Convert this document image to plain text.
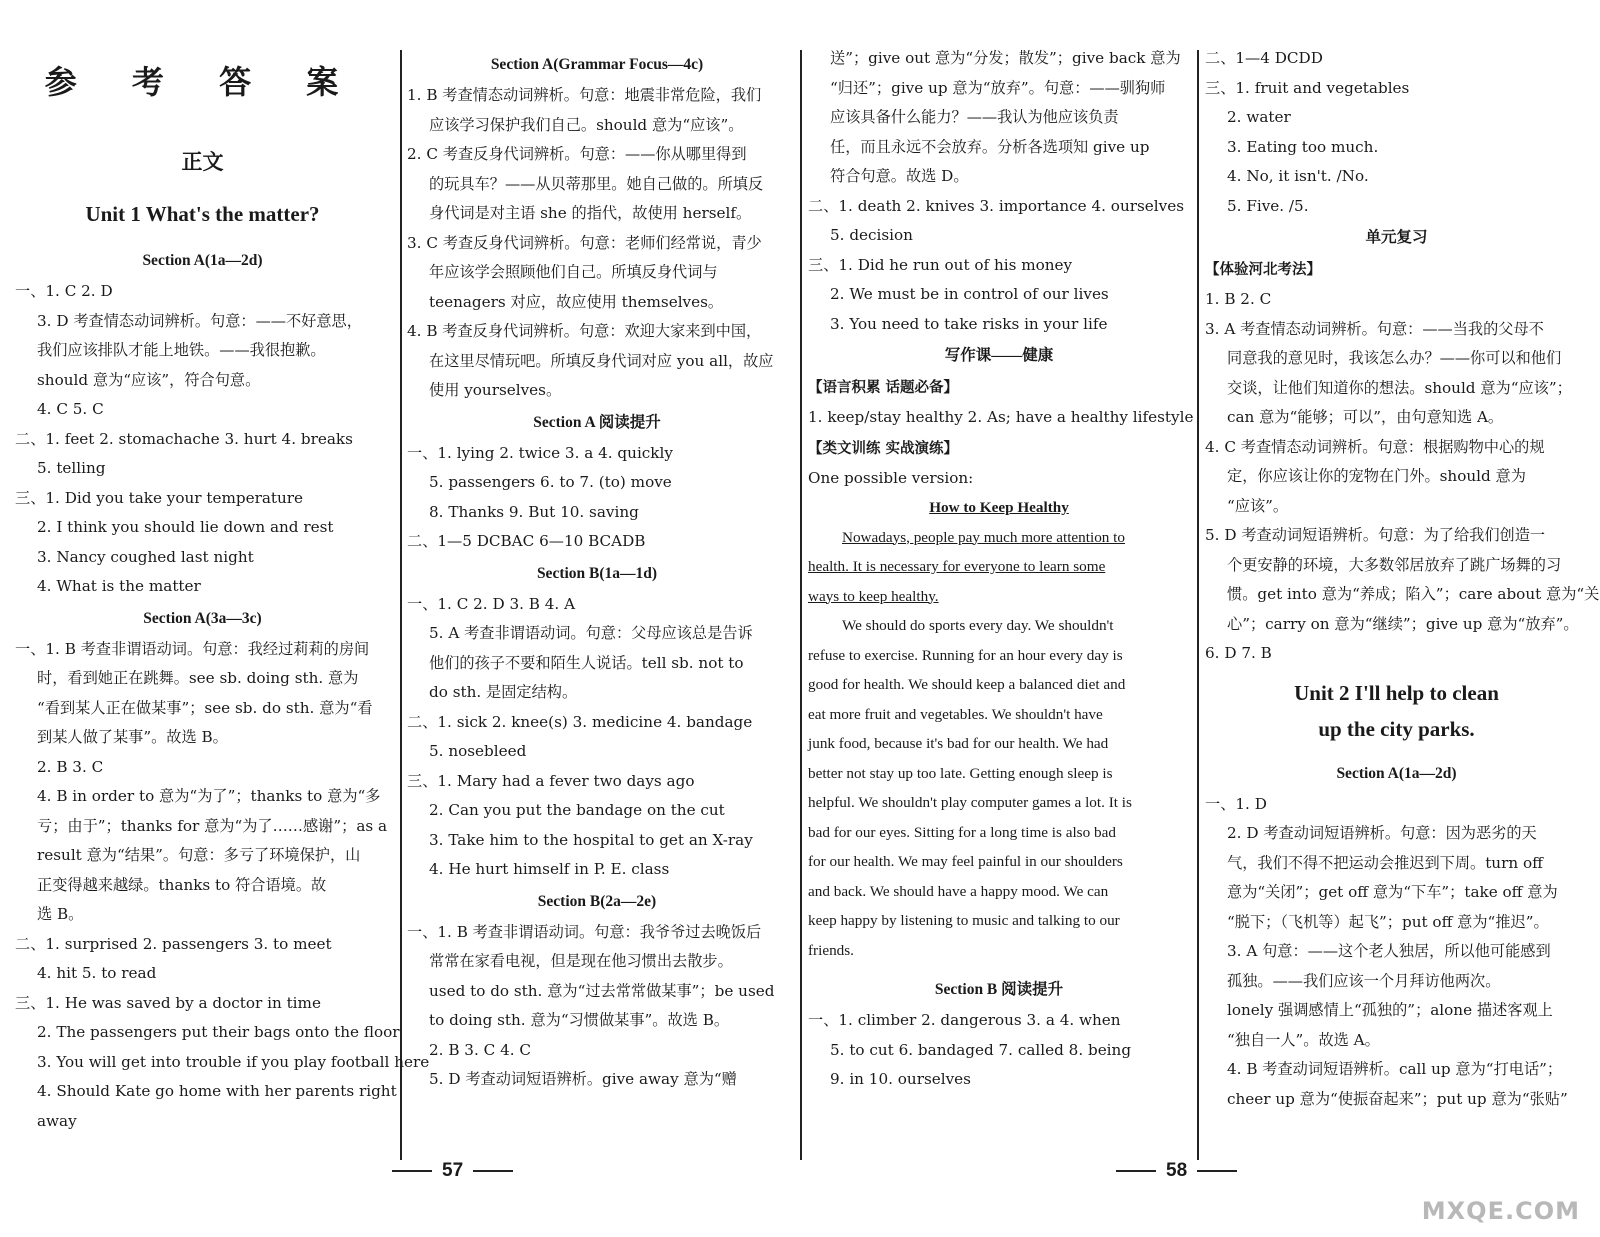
参 考 答 案
正文
Unit 1 What's the matter?
Section A(1a—2d)
一、1. C 2. D
3. D 考查情态动词辨析。句意：——不好意思，
我们应该排队才能上地铁。——我很抱歉。
should 意为“应该”，符合句意。
4. C 5. C
二、1. feet 2. stomachache 3. hurt 4. breaks
5. telling
三、1. Did you take your temperature
2. I think you should lie down and rest
3. Nancy coughed last night
4. What is the matter
Section A(3a—3c)
一、1. B 考查非谓语动词。句意：我经过莉莉的房间
时，看到她正在跳舞。see sb. doing sth. 意为
“看到某人正在做某事”；see sb. do sth. 意为“看
到某人做了某事”。故选 B。
2. B 3. C
4. B in order to 意为“为了”；thanks to 意为“多
亏；由于”；thanks for 意为“为了……感谢”；as a
result 意为“结果”。句意：多亏了环境保护，山
正变得越来越绿。thanks to 符合语境。故
选 B。
二、1. surprised 2. passengers 3. to meet
4. hit 5. to read
三、1. He was saved by a doctor in time
2. The passengers put their bags onto the floor
3. You will get into trouble if you play football here
4. Should Kate go home with her parents right
away
Section A(Grammar Focus—4c)
1. B 考查情态动词辨析。句意：地震非常危险，我们
应该学习保护我们自己。should 意为“应该”。
2. C 考查反身代词辨析。句意：——你从哪里得到
的玩具车？——从贝蒂那里。她自己做的。所填反
身代词是对主语 she 的指代，故使用 herself。
3. C 考查反身代词辨析。句意：老师们经常说，青少
年应该学会照顾他们自己。所填反身代词与
teenagers 对应，故应使用 themselves。
4. B 考查反身代词辨析。句意：欢迎大家来到中国，
在这里尽情玩吧。所填反身代词对应 you all，故应
使用 yourselves。
Section A 阅读提升
一、1. lying 2. twice 3. a 4. quickly
5. passengers 6. to 7. (to) move
8. Thanks 9. But 10. saving
二、1—5 DCBAC 6—10 BCADB
Section B(1a—1d)
一、1. C 2. D 3. B 4. A
5. A 考查非谓语动词。句意：父母应该总是告诉
他们的孩子不要和陌生人说话。tell sb. not to
do sth. 是固定结构。
二、1. sick 2. knee(s) 3. medicine 4. bandage
5. nosebleed
三、1. Mary had a fever two days ago
2. Can you put the bandage on the cut
3. Take him to the hospital to get an X-ray
4. He hurt himself in P. E. class
Section B(2a—2e)
一、1. B 考查非谓语动词。句意：我爷爷过去晚饭后
常常在家看电视，但是现在他习惯出去散步。
used to do sth. 意为“过去常常做某事”；be used
to doing sth. 意为“习惯做某事”。故选 B。
2. B 3. C 4. C
5. D 考查动词短语辨析。give away 意为“赠
送”；give out 意为“分发；散发”；give back 意为
“归还”；give up 意为“放弃”。句意：——驯狗师
应该具备什么能力？——我认为他应该负责
任，而且永远不会放弃。分析各选项知 give up
符合句意。故选 D。
二、1. death 2. knives 3. importance 4. ourselves
5. decision
三、1. Did he run out of his money
2. We must be in control of our lives
3. You need to take risks in your life
写作课——健康
【语言积累 话题必备】
1. keep/stay healthy 2. As; have a healthy lifestyle
【类文训练 实战演练】
One possible version:
How to Keep Healthy
Nowadays, people pay much more attention to
health. It is necessary for everyone to learn some
ways to keep healthy.
We should do sports every day. We shouldn't
refuse to exercise. Running for an hour every day is
good for health. We should keep a balanced diet and
eat more fruit and vegetables. We shouldn't have
junk food, because it's bad for our health. We had
better not stay up too late. Getting enough sleep is
helpful. We shouldn't play computer games a lot. It is
bad for our eyes. Sitting for a long time is also bad
for our health. We may feel painful in our shoulders
and back. We should have a happy mood. We can
keep happy by listening to music and talking to our
friends.
Section B 阅读提升
一、1. climber 2. dangerous 3. a 4. when
5. to cut 6. bandaged 7. called 8. being
9. in 10. ourselves
二、1—4 DCDD
三、1. fruit and vegetables
2. water
3. Eating too much.
4. No, it isn't. /No.
5. Five. /5.
单元复习
【体验河北考法】
1. B 2. C
3. A 考查情态动词辨析。句意：——当我的父母不
同意我的意见时，我该怎么办？——你可以和他们
交谈，让他们知道你的想法。should 意为“应该”；
can 意为“能够；可以”，由句意知选 A。
4. C 考查情态动词辨析。句意：根据购物中心的规
定，你应该让你的宠物在门外。should 意为
“应该”。
5. D 考查动词短语辨析。句意：为了给我们创造一
个更安静的环境，大多数邻居放弃了跳广场舞的习
惯。get into 意为“养成；陷入”；care about 意为“关
心”；carry on 意为“继续”；give up 意为“放弃”。
6. D 7. B
Unit 2 I'll help to clean
up the city parks.
Section A(1a—2d)
一、1. D
2. D 考查动词短语辨析。句意：因为恶劣的天
气，我们不得不把运动会推迟到下周。turn off
意为“关闭”；get off 意为“下车”；take off 意为
“脱下；（飞机等）起飞”；put off 意为“推迟”。
3. A 句意：——这个老人独居，所以他可能感到
孤独。——我们应该一个月拜访他两次。
lonely 强调感情上“孤独的”；alone 描述客观上
“独自一人”。故选 A。
4. B 考查动词短语辨析。call up 意为“打电话”；
cheer up 意为“使振奋起来”；put up 意为“张贴”
57	58
MXQE.COM
